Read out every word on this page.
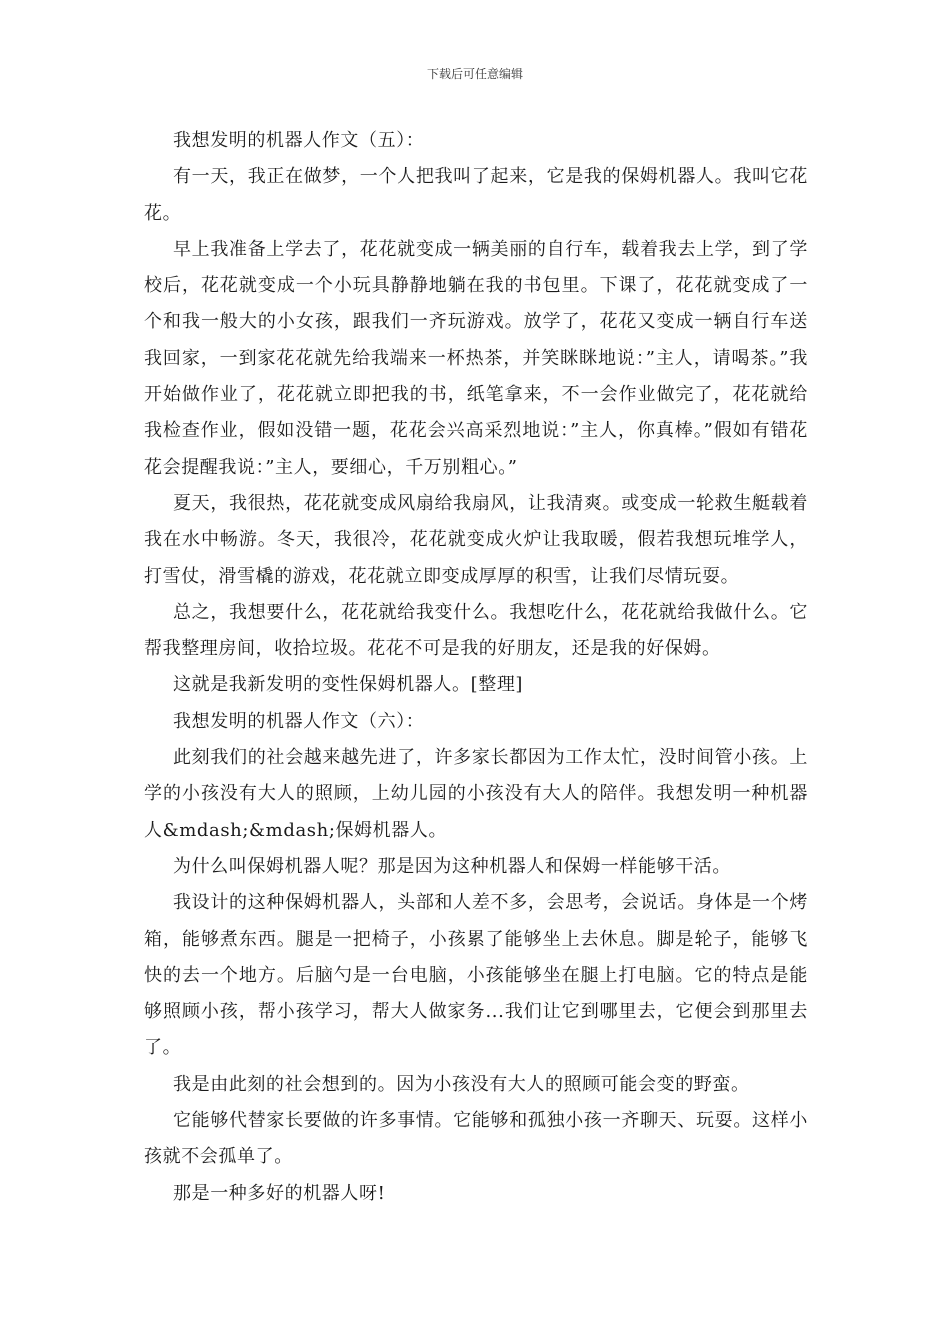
下载后可任意编辑

我想发明的机器人作文（五）：

有一天，我正在做梦，一个人把我叫了起来，它是我的保姆机器人。我叫它花花。

早上我准备上学去了，花花就变成一辆美丽的自行车，载着我去上学，到了学校后，花花就变成一个小玩具静静地躺在我的书包里。下课了，花花就变成了一个和我一般大的小女孩，跟我们一齐玩游戏。放学了，花花又变成一辆自行车送我回家，一到家花花就先给我端来一杯热茶，并笑眯眯地说：”主人，请喝茶。”我开始做作业了，花花就立即把我的书，纸笔拿来，不一会作业做完了，花花就给我检查作业，假如没错一题，花花会兴高采烈地说：”主人，你真棒。”假如有错花花会提醒我说：”主人，要细心，千万别粗心。”

夏天，我很热，花花就变成风扇给我扇风，让我清爽。或变成一轮救生艇载着我在水中畅游。冬天，我很冷，花花就变成火炉让我取暖，假若我想玩堆学人，打雪仗，滑雪橇的游戏，花花就立即变成厚厚的积雪，让我们尽情玩耍。

总之，我想要什么，花花就给我变什么。我想吃什么，花花就给我做什么。它帮我整理房间，收拾垃圾。花花不可是我的好朋友，还是我的好保姆。

这就是我新发明的变性保姆机器人。[整理]

我想发明的机器人作文（六）：

此刻我们的社会越来越先进了，许多家长都因为工作太忙，没时间管小孩。上学的小孩没有大人的照顾，上幼儿园的小孩没有大人的陪伴。我想发明一种机器人&mdash;&mdash;保姆机器人。

为什么叫保姆机器人呢？那是因为这种机器人和保姆一样能够干活。

我设计的这种保姆机器人，头部和人差不多，会思考，会说话。身体是一个烤箱，能够煮东西。腿是一把椅子，小孩累了能够坐上去休息。脚是轮子，能够飞快的去一个地方。后脑勺是一台电脑，小孩能够坐在腿上打电脑。它的特点是能够照顾小孩，帮小孩学习，帮大人做家务...我们让它到哪里去，它便会到那里去了。

我是由此刻的社会想到的。因为小孩没有大人的照顾可能会变的野蛮。

它能够代替家长要做的许多事情。它能够和孤独小孩一齐聊天、玩耍。这样小孩就不会孤单了。

那是一种多好的机器人呀!
